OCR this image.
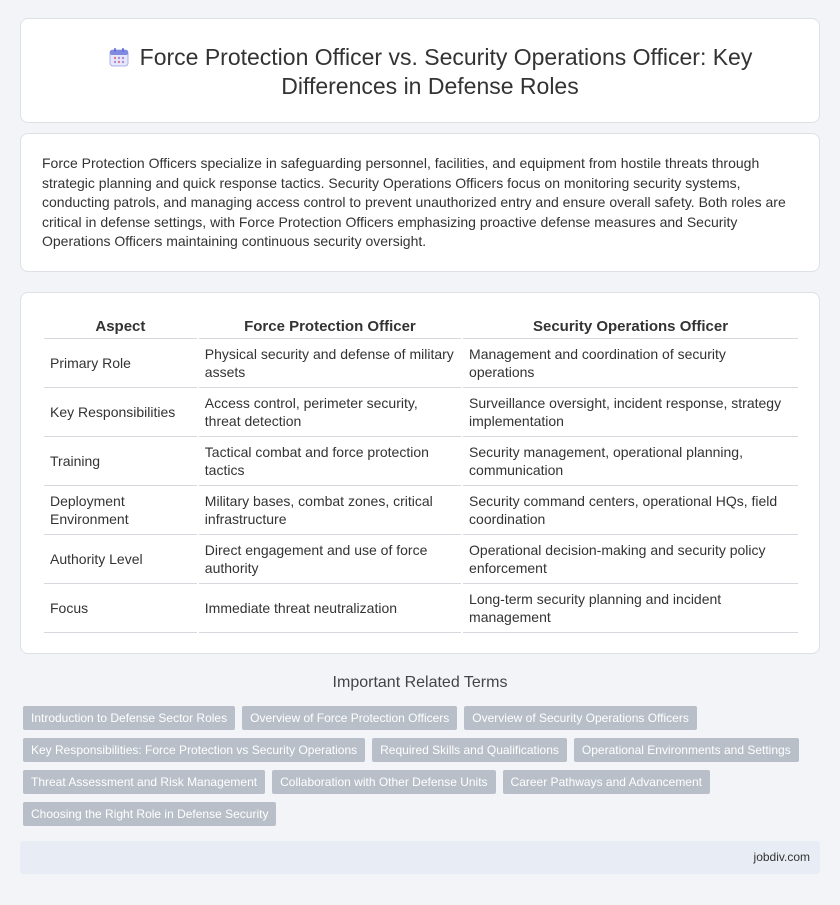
Force Protection Officer vs. Security Operations Officer: Key Differences in Defense Roles

Force Protection Officers specialize in safeguarding personnel, facilities, and equipment from hostile threats through strategic planning and quick response tactics. Security Operations Officers focus on monitoring security systems, conducting patrols, and managing access control to prevent unauthorized entry and ensure overall safety. Both roles are critical in defense settings, with Force Protection Officers emphasizing proactive defense measures and Security Operations Officers maintaining continuous security oversight.

Aspect	Force Protection Officer	Security Operations Officer
Primary Role	Physical security and defense of military assets	Management and coordination of security operations
Key Responsibilities	Access control, perimeter security, threat detection	Surveillance oversight, incident response, strategy implementation
Training	Tactical combat and force protection tactics	Security management, operational planning, communication
Deployment Environment	Military bases, combat zones, critical infrastructure	Security command centers, operational HQs, field coordination
Authority Level	Direct engagement and use of force authority	Operational decision-making and security policy enforcement
Focus	Immediate threat neutralization	Long-term security planning and incident management
Important Related Terms
Introduction to Defense Sector Roles	Overview of Force Protection Officers	Overview of Security Operations Officers
Key Responsibilities: Force Protection vs Security Operations	Required Skills and Qualifications	Operational Environments and Settings
Threat Assessment and Risk Management	Collaboration with Other Defense Units	Career Pathways and Advancement
Choosing the Right Role in Defense Security
jobdiv.com
